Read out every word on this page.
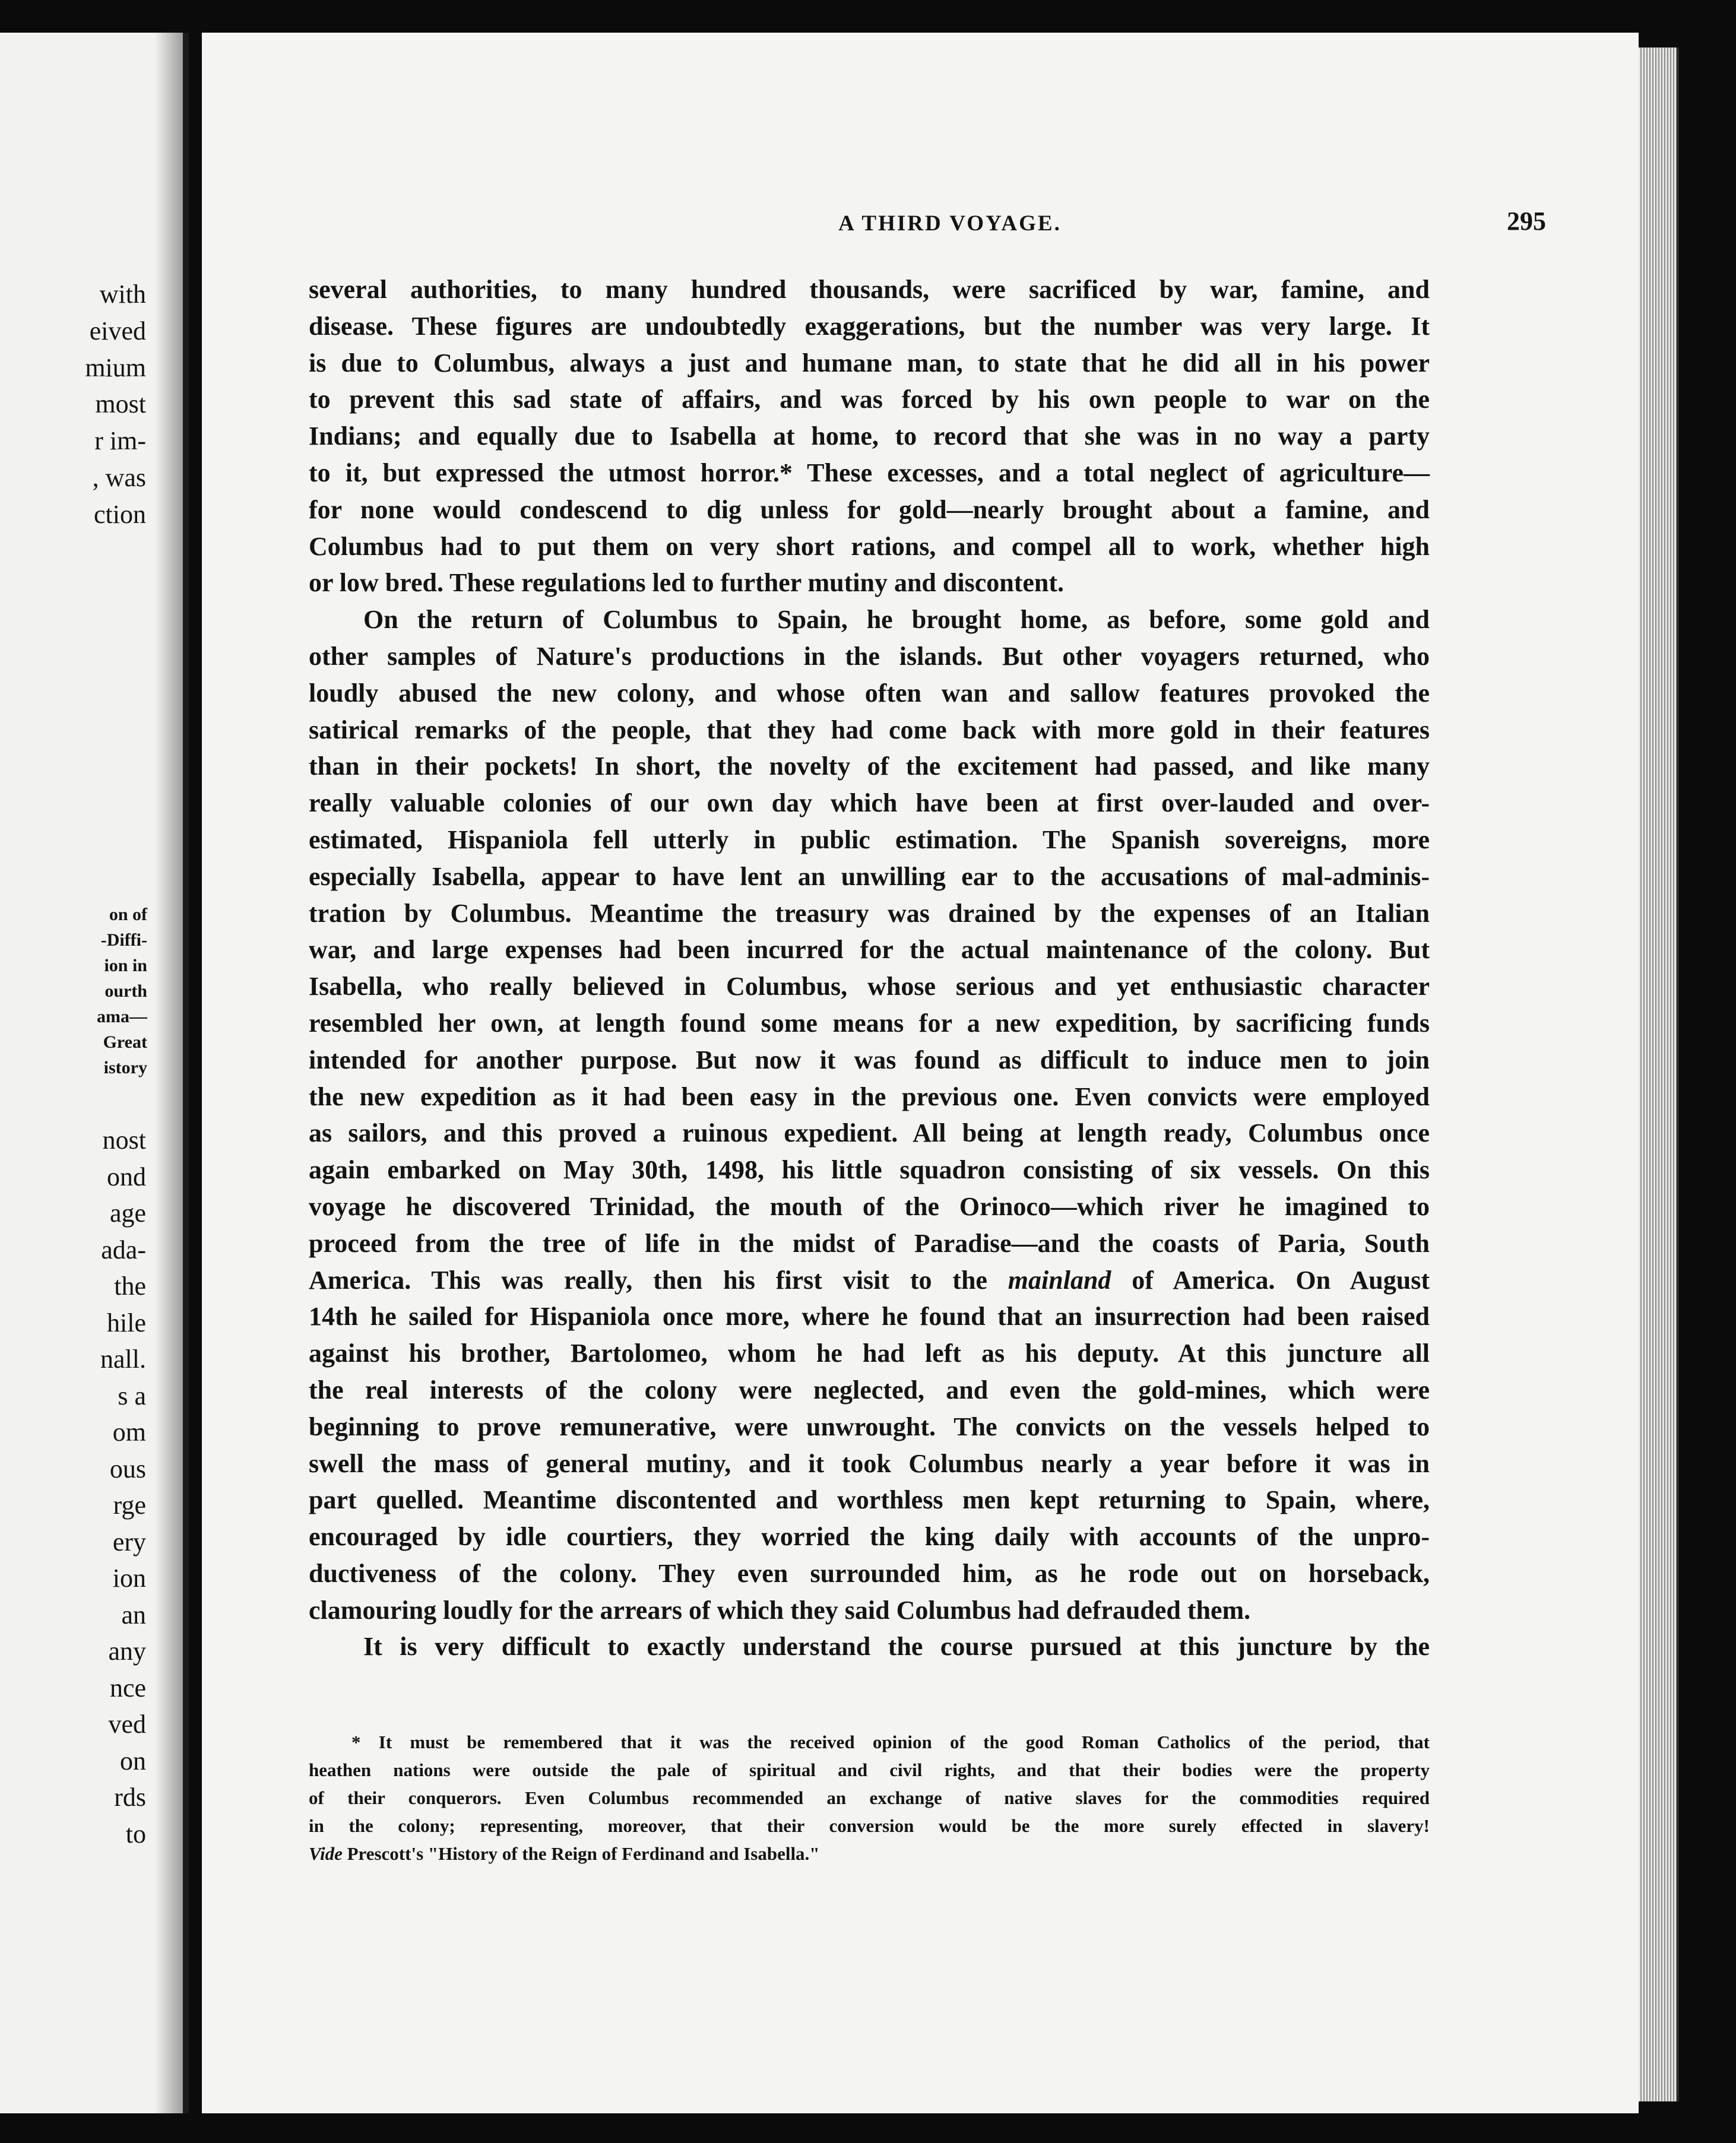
with
eived
mium
most
r im-
, was
ction
on of
-Diffi-
ion in
ourth
ama—
Great
istory
nost
ond
age
ada-
the
hile
nall.
s a
om
ous
rge
ery
ion
an
any
nce
ved
on
rds
to
A THIRD VOYAGE.	295
several authorities, to many hundred thousands, were sacrificed by war, famine, and
disease. These figures are undoubtedly exaggerations, but the number was very large. It
is due to Columbus, always a just and humane man, to state that he did all in his power
to prevent this sad state of affairs, and was forced by his own people to war on the
Indians; and equally due to Isabella at home, to record that she was in no way a party
to it, but expressed the utmost horror.* These excesses, and a total neglect of agriculture—
for none would condescend to dig unless for gold—nearly brought about a famine, and
Columbus had to put them on very short rations, and compel all to work, whether high
or low bred. These regulations led to further mutiny and discontent.
On the return of Columbus to Spain, he brought home, as before, some gold and
other samples of Nature's productions in the islands. But other voyagers returned, who
loudly abused the new colony, and whose often wan and sallow features provoked the
satirical remarks of the people, that they had come back with more gold in their features
than in their pockets! In short, the novelty of the excitement had passed, and like many
really valuable colonies of our own day which have been at first over-lauded and over-
estimated, Hispaniola fell utterly in public estimation. The Spanish sovereigns, more
especially Isabella, appear to have lent an unwilling ear to the accusations of mal-adminis-
tration by Columbus. Meantime the treasury was drained by the expenses of an Italian
war, and large expenses had been incurred for the actual maintenance of the colony. But
Isabella, who really believed in Columbus, whose serious and yet enthusiastic character
resembled her own, at length found some means for a new expedition, by sacrificing funds
intended for another purpose. But now it was found as difficult to induce men to join
the new expedition as it had been easy in the previous one. Even convicts were employed
as sailors, and this proved a ruinous expedient. All being at length ready, Columbus once
again embarked on May 30th, 1498, his little squadron consisting of six vessels. On this
voyage he discovered Trinidad, the mouth of the Orinoco—which river he imagined to
proceed from the tree of life in the midst of Paradise—and the coasts of Paria, South
America. This was really, then his first visit to the mainland of America. On August
14th he sailed for Hispaniola once more, where he found that an insurrection had been raised
against his brother, Bartolomeo, whom he had left as his deputy. At this juncture all
the real interests of the colony were neglected, and even the gold-mines, which were
beginning to prove remunerative, were unwrought. The convicts on the vessels helped to
swell the mass of general mutiny, and it took Columbus nearly a year before it was in
part quelled. Meantime discontented and worthless men kept returning to Spain, where,
encouraged by idle courtiers, they worried the king daily with accounts of the unpro-
ductiveness of the colony. They even surrounded him, as he rode out on horseback,
clamouring loudly for the arrears of which they said Columbus had defrauded them.
It is very difficult to exactly understand the course pursued at this juncture by the
* It must be remembered that it was the received opinion of the good Roman Catholics of the period, that
heathen nations were outside the pale of spiritual and civil rights, and that their bodies were the property
of their conquerors. Even Columbus recommended an exchange of native slaves for the commodities required
in the colony; representing, moreover, that their conversion would be the more surely effected in slavery!
Vide Prescott's "History of the Reign of Ferdinand and Isabella."
